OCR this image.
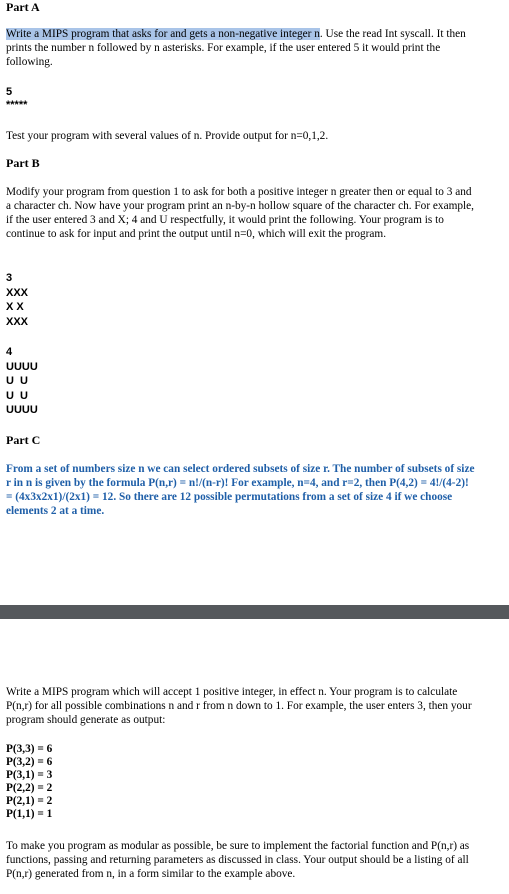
Part A
Write a MIPS program that asks for and gets a non-negative integer n. Use the read Int syscall. It then prints the number n followed by n asterisks. For example, if the user entered 5 it would print the following.
5
*****
Test your program with several values of n. Provide output for n=0,1,2.
Part B
Modify your program from question 1 to ask for both a positive integer n greater then or equal to 3 and a character ch. Now have your program print an n-by-n hollow square of the character ch. For example, if the user entered 3 and X; 4 and U respectfully, it would print the following. Your program is to continue to ask for input and print the output until n=0, which will exit the program.
3
XXX
X X
XXX
4
UUUU
U  U
U  U
UUUU
Part C
From a set of numbers size n we can select ordered subsets of size r. The number of subsets of size r in n is given by the formula P(n,r) = n!/(n-r)! For example, n=4, and r=2, then P(4,2) = 4!/(4-2)! = (4x3x2x1)/(2x1) = 12. So there are 12 possible permutations from a set of size 4 if we choose elements 2 at a time.
Write a MIPS program which will accept 1 positive integer, in effect n. Your program is to calculate P(n,r) for all possible combinations n and r from n down to 1. For example, the user enters 3, then your program should generate as output:
P(3,3) = 6
P(3,2) = 6
P(3,1) = 3
P(2,2) = 2
P(2,1) = 2
P(1,1) = 1
To make you program as modular as possible, be sure to implement the factorial function and P(n,r) as functions, passing and returning parameters as discussed in class. Your output should be a listing of all P(n,r) generated from n, in a form similar to the example above.
